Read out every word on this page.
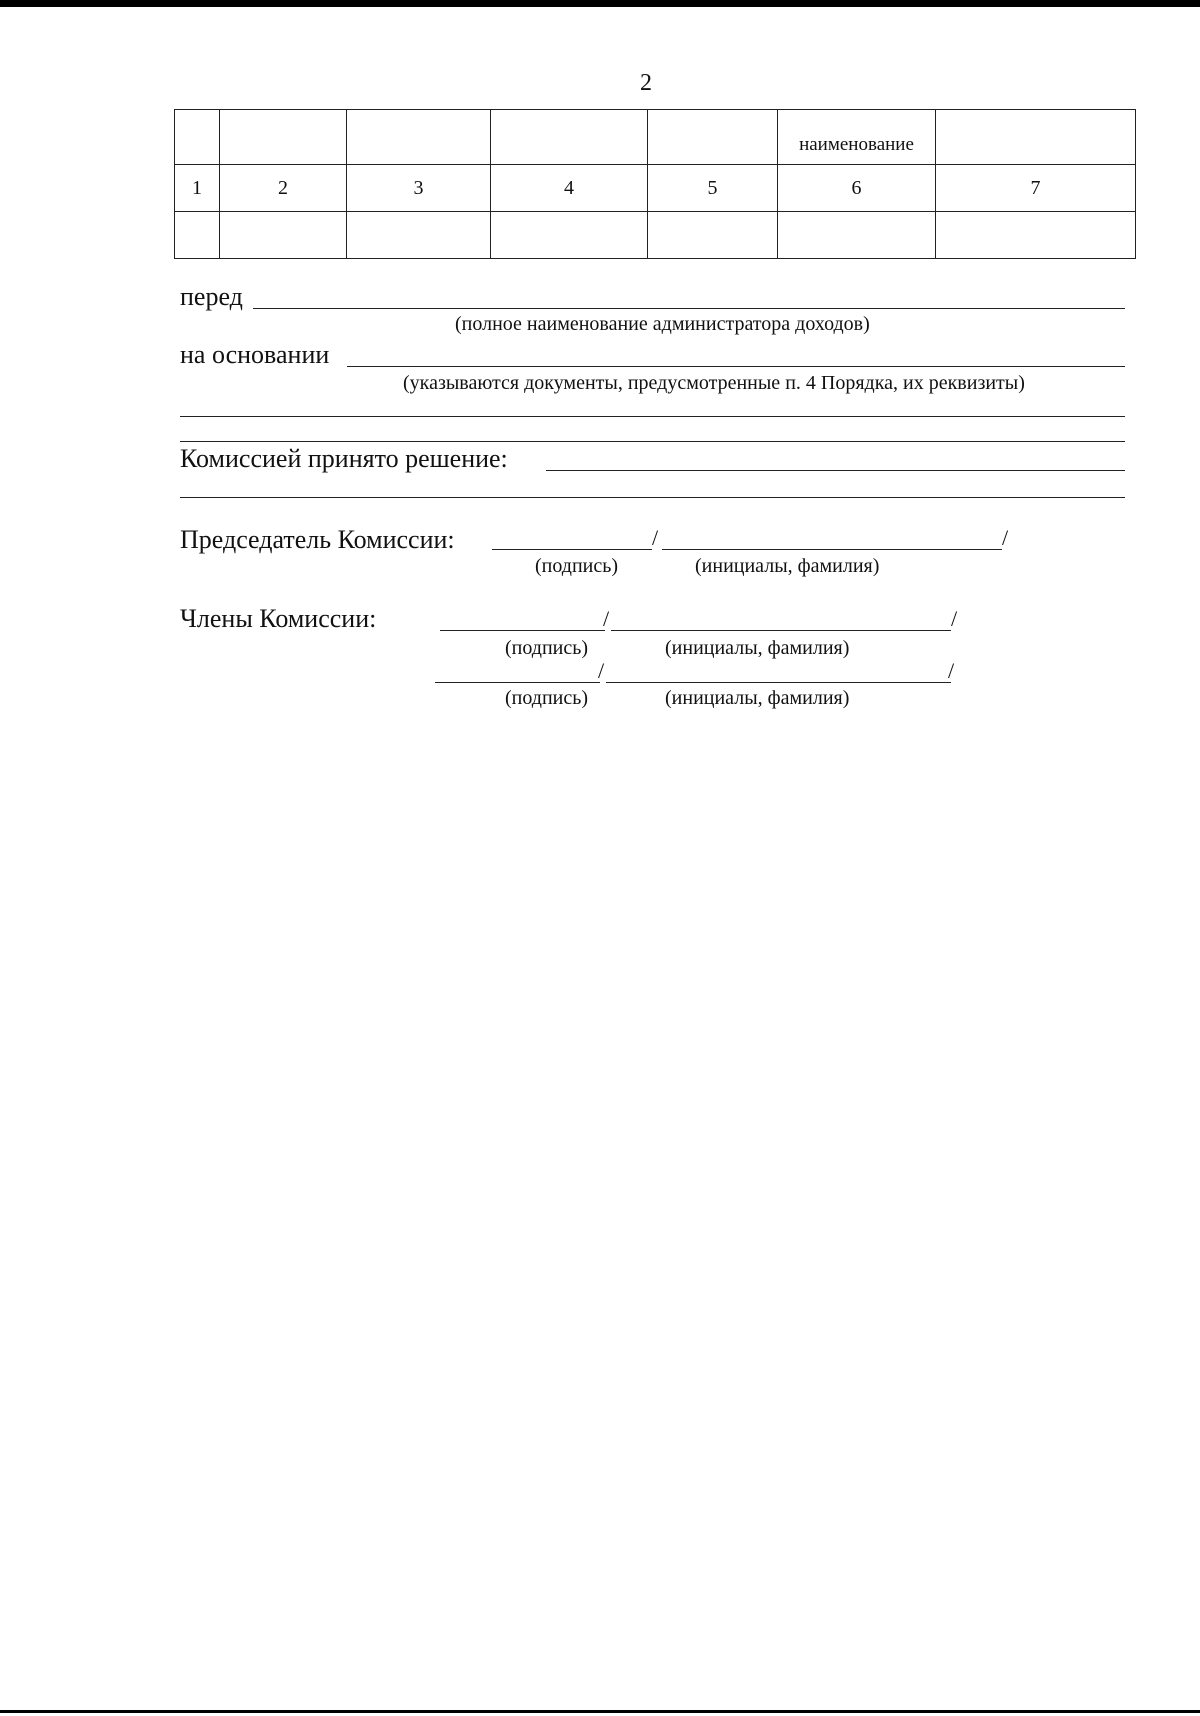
2
					наименование	
1	2	3	4	5	6	7

перед
(полное наименование администратора доходов)
на основании
(указываются документы, предусмотренные п. 4 Порядка, их реквизиты)
Комиссией принято решение:
Председатель Комиссии:	/	/
(подпись)	(инициалы, фамилия)
Члены Комиссии:	/	/
(подпись)	(инициалы, фамилия)
/	/
(подпись)	(инициалы, фамилия)
